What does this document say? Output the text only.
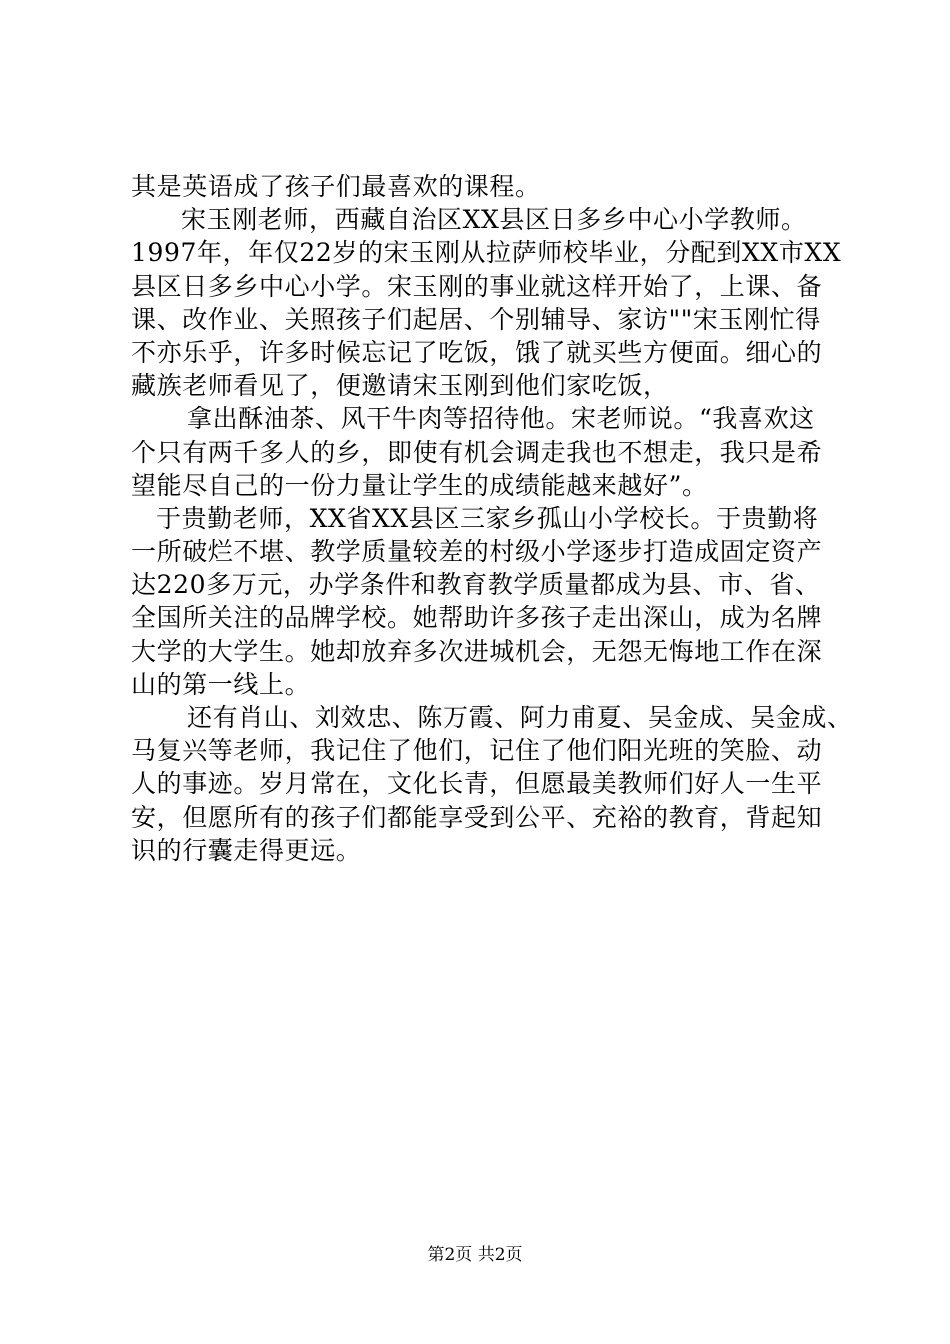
其是英语成了孩子们最喜欢的课程。
宋玉刚老师，西藏自治区XX县区日多乡中心小学教师。
1997年，年仅22岁的宋玉刚从拉萨师校毕业，分配到XX市XX
县区日多乡中心小学。宋玉刚的事业就这样开始了，上课、备
课、改作业、关照孩子们起居、个别辅导、家访""宋玉刚忙得
不亦乐乎，许多时候忘记了吃饭，饿了就买些方便面。细心的
藏族老师看见了，便邀请宋玉刚到他们家吃饭，
拿出酥油茶、风干牛肉等招待他。宋老师说。“我喜欢这
个只有两千多人的乡，即使有机会调走我也不想走，我只是希
望能尽自己的一份力量让学生的成绩能越来越好”。
于贵勤老师，XX省XX县区三家乡孤山小学校长。于贵勤将
一所破烂不堪、教学质量较差的村级小学逐步打造成固定资产
达220多万元，办学条件和教育教学质量都成为县、市、省、
全国所关注的品牌学校。她帮助许多孩子走出深山，成为名牌
大学的大学生。她却放弃多次进城机会，无怨无悔地工作在深
山的第一线上。
还有肖山、刘效忠、陈万霞、阿力甫夏、吴金成、吴金成、
马复兴等老师，我记住了他们，记住了他们阳光班的笑脸、动
人的事迹。岁月常在，文化长青，但愿最美教师们好人一生平
安，但愿所有的孩子们都能享受到公平、充裕的教育，背起知
识的行囊走得更远。
第2页 共2页
